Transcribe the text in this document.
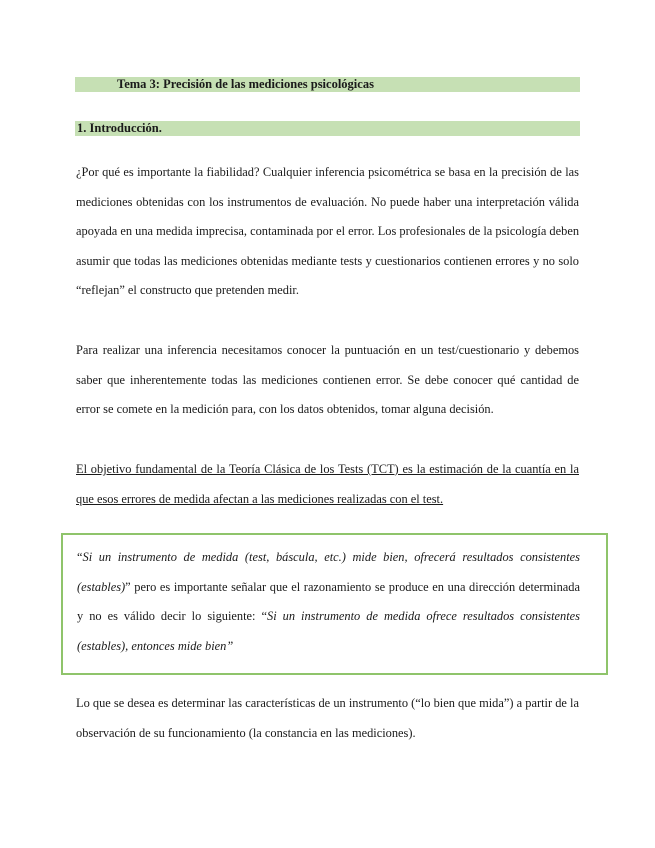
Tema 3: Precisión de las mediciones psicológicas
1. Introducción.

¿Por qué es importante la fiabilidad? Cualquier inferencia psicométrica se basa en la precisión de las mediciones obtenidas con los instrumentos de evaluación. No puede haber una interpretación válida apoyada en una medida imprecisa, contaminada por el error. Los profesionales de la psicología deben asumir que todas las mediciones obtenidas mediante tests y cuestionarios contienen errores y no solo “reflejan” el constructo que pretenden medir.

Para realizar una inferencia necesitamos conocer la puntuación en un test/cuestionario y debemos saber que inherentemente todas las mediciones contienen error. Se debe conocer qué cantidad de error se comete en la medición para, con los datos obtenidos, tomar alguna decisión.

El objetivo fundamental de la Teoría Clásica de los Tests (TCT) es la estimación de la cuantía en la que esos errores de medida afectan a las mediciones realizadas con el test.

“Si un instrumento de medida (test, báscula, etc.) mide bien, ofrecerá resultados consistentes (estables)” pero es importante señalar que el razonamiento se produce en una dirección determinada y no es válido decir lo siguiente: “Si un instrumento de medida ofrece resultados consistentes (estables), entonces mide bien”

Lo que se desea es determinar las características de un instrumento (“lo bien que mida”) a partir de la observación de su funcionamiento (la constancia en las mediciones).
